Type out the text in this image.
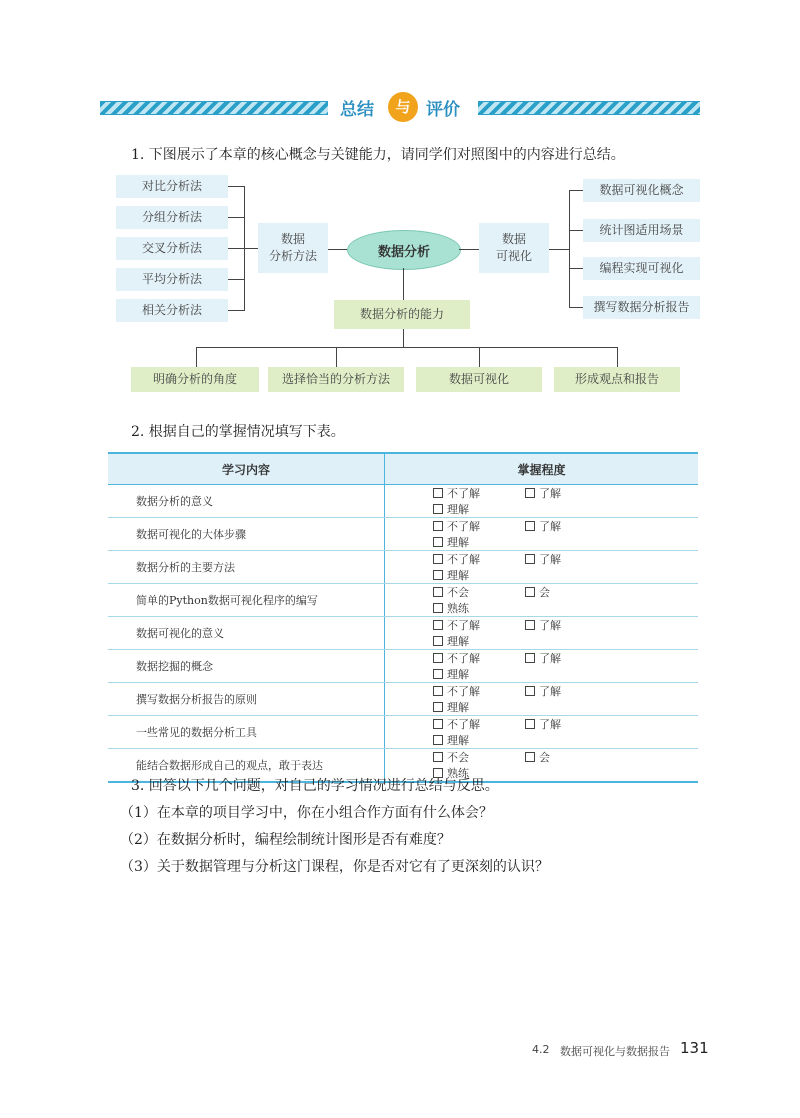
总结	与 评价
1. 下图展示了本章的核心概念与关键能力，请同学们对照图中的内容进行总结。
对比分析法
分组分析法
交叉分析法
平均分析法
相关分析法
数据
分析方法	数据分析
数据
可视化
数据可视化概念
统计图适用场景
编程实现可视化
撰写数据分析报告
数据分析的能力
明确分析的角度	选择恰当的分析方法	数据可视化	形成观点和报告
2. 根据自己的掌握情况填写下表。
学习内容	掌握程度
数据分析的意义	不了解 了解理解
数据可视化的大体步骤	不了解 了解理解
数据分析的主要方法	不了解 了解理解
简单的Python数据可视化程序的编写	不会 会熟练
数据可视化的意义	不了解 了解理解
数据挖掘的概念	不了解 了解理解
撰写数据分析报告的原则	不了解 了解理解
一些常见的数据分析工具	不了解 了解理解
能结合数据形成自己的观点，敢于表达	不会 会熟练
3. 回答以下几个问题，对自己的学习情况进行总结与反思。
（1）在本章的项目学习中，你在小组合作方面有什么体会？
（2）在数据分析时，编程绘制统计图形是否有难度？
（3）关于数据管理与分析这门课程，你是否对它有了更深刻的认识？
4.2 数据可视化与数据报告 131
